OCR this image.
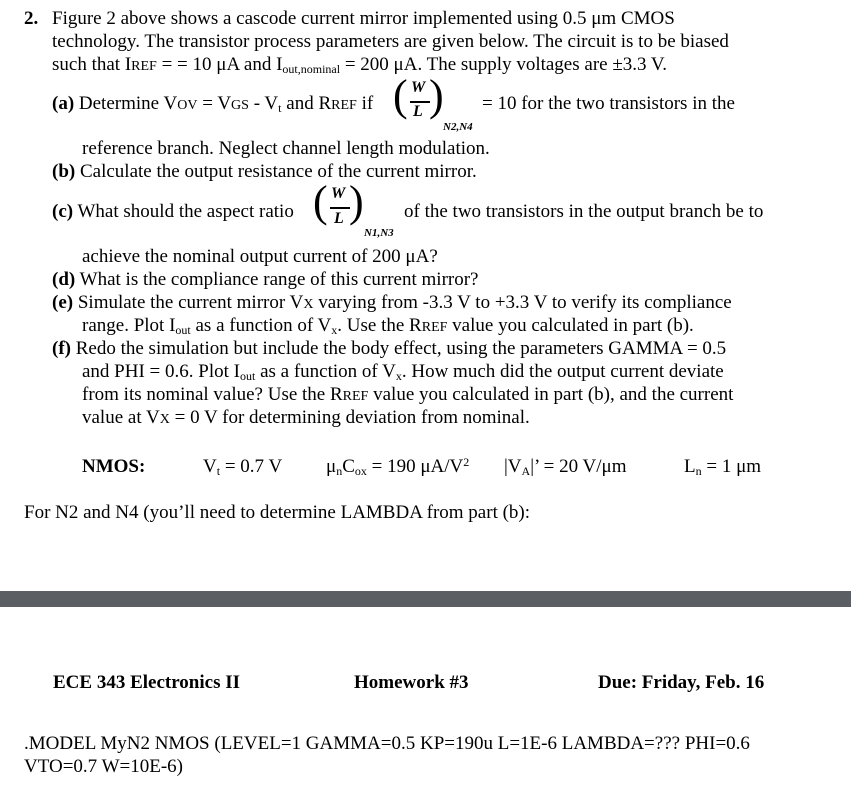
2. Figure 2 above shows a cascode current mirror implemented using 0.5 μm CMOS
technology. The transistor process parameters are given below. The circuit is to be biased
such that IREF = = 10 μA and $I_{out,nominal} = 200$ μA. The supply voltages are ±3.3 V.
(a) Determine VOV = VGS - $V_t$ and RREF if ( W
L )
N2,N4
= 10 for the two transistors in the
reference branch. Neglect channel length modulation.
(b) Calculate the output resistance of the current mirror.
(c) What should the aspect ratio ( W
L )
N1,N3
of the two transistors in the output branch be to
achieve the nominal output current of 200 μA?
(d) What is the compliance range of this current mirror?
(e) Simulate the current mirror VX varying from -3.3 V to +3.3 V to verify its compliance
range. Plot $I_{out}$ as a function of $V_x$. Use the RREF value you calculated in part (b).
(f) Redo the simulation but include the body effect, using the parameters GAMMA = 0.5
and PHI = 0.6. Plot $I_{out}$ as a function of $V_x$. How much did the output current deviate
from its nominal value? Use the RREF value you calculated in part (b), and the current
value at VX = 0 V for determining deviation from nominal.
NMOS:	$V_t = 0.7$ V $\mu_nC_{ox} = 190$ $\mu A/V^2$ $|V_A|$’ = 20 V/μm	$L_n = 1$ μm
For N2 and N4 (you’ll need to determine LAMBDA from part (b):
ECE 343 Electronics II	Homework #3	Due: Friday, Feb. 16
.MODEL MyN2 NMOS (LEVEL=1 GAMMA=0.5 KP=190u L=1E-6 LAMBDA=??? PHI=0.6
VTO=0.7 W=10E-6)
